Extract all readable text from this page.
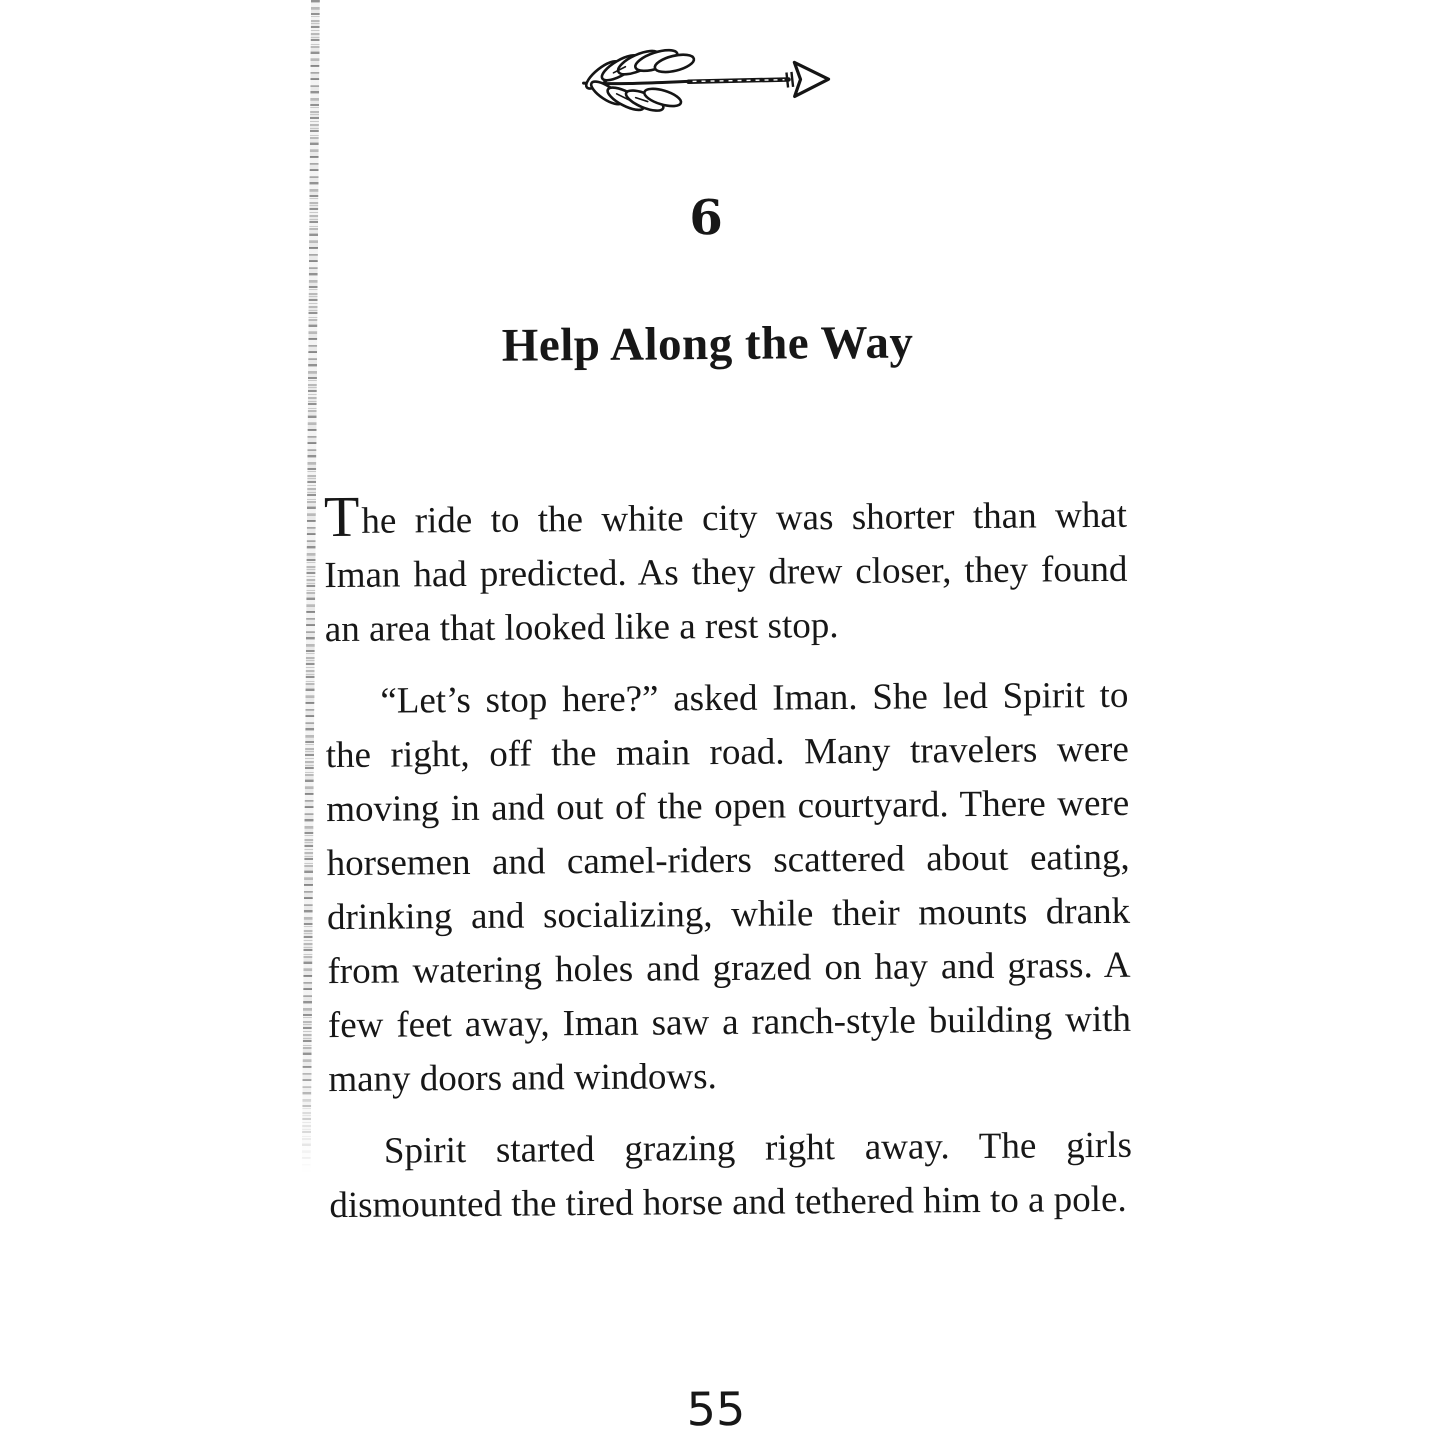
6
Help Along the Way

The ride to the white city was shorter than what Iman had predicted. As they drew closer, they found an area that looked like a rest stop.

“Let’s stop here?” asked Iman. She led Spirit to the right, off the main road. Many travelers were moving in and out of the open courtyard. There were horsemen and camel-riders scattered about eating, drinking and socializing, while their mounts drank from watering holes and grazed on hay and grass. A few feet away, Iman saw a ranch-style building with many doors and windows.

Spirit started grazing right away. The girls dismounted the tired horse and tethered him to a pole.

55
